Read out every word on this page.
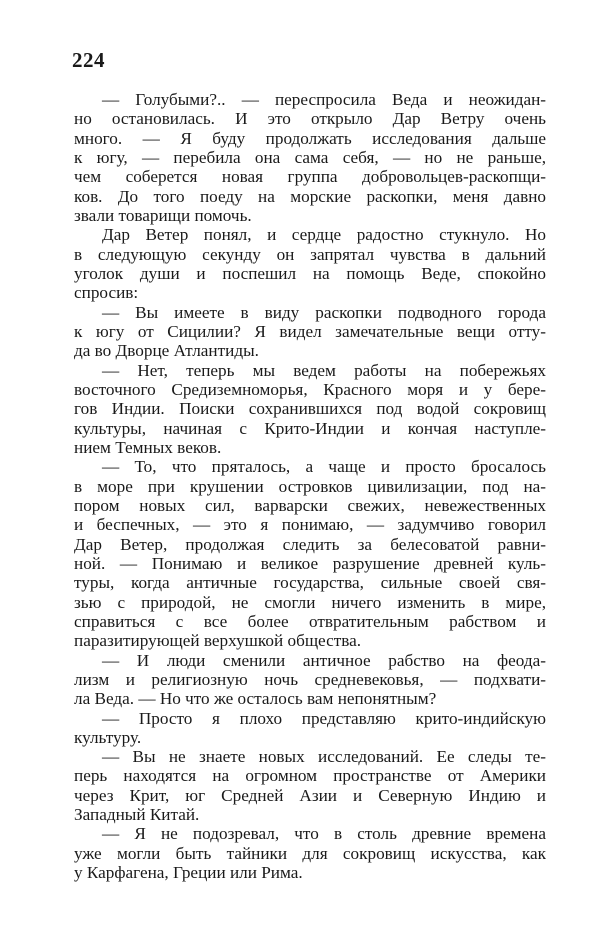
224
— Голубыми?.. — переспросила Веда и неожидан-
но остановилась. И это открыло Дар Ветру очень
много. — Я буду продолжать исследования дальше
к югу, — перебила она сама себя, — но не раньше,
чем соберется новая группа добровольцев-раскопщи-
ков. До того поеду на морские раскопки, меня давно
звали товарищи помочь.
Дар Ветер понял, и сердце радостно стукнуло. Но
в следующую секунду он запрятал чувства в дальний
уголок души и поспешил на помощь Веде, спокойно
спросив:
— Вы имеете в виду раскопки подводного города
к югу от Сицилии? Я видел замечательные вещи отту-
да во Дворце Атлантиды.
— Нет, теперь мы ведем работы на побережьях
восточного Средиземноморья, Красного моря и у бере-
гов Индии. Поиски сохранившихся под водой сокровищ
культуры, начиная с Крито-Индии и кончая наступле-
нием Темных веков.
— То, что пряталось, а чаще и просто бросалось
в море при крушении островков цивилизации, под на-
пором новых сил, варварски свежих, невежественных
и беспечных, — это я понимаю, — задумчиво говорил
Дар Ветер, продолжая следить за белесоватой равни-
ной. — Понимаю и великое разрушение древней куль-
туры, когда античные государства, сильные своей свя-
зью с природой, не смогли ничего изменить в мире,
справиться с все более отвратительным рабством и
паразитирующей верхушкой общества.
— И люди сменили античное рабство на феода-
лизм и религиозную ночь средневековья, — подхвати-
ла Веда. — Но что же осталось вам непонятным?
— Просто я плохо представляю крито-индийскую
культуру.
— Вы не знаете новых исследований. Ее следы те-
перь находятся на огромном пространстве от Америки
через Крит, юг Средней Азии и Северную Индию и
Западный Китай.
— Я не подозревал, что в столь древние времена
уже могли быть тайники для сокровищ искусства, как
у Карфагена, Греции или Рима.
